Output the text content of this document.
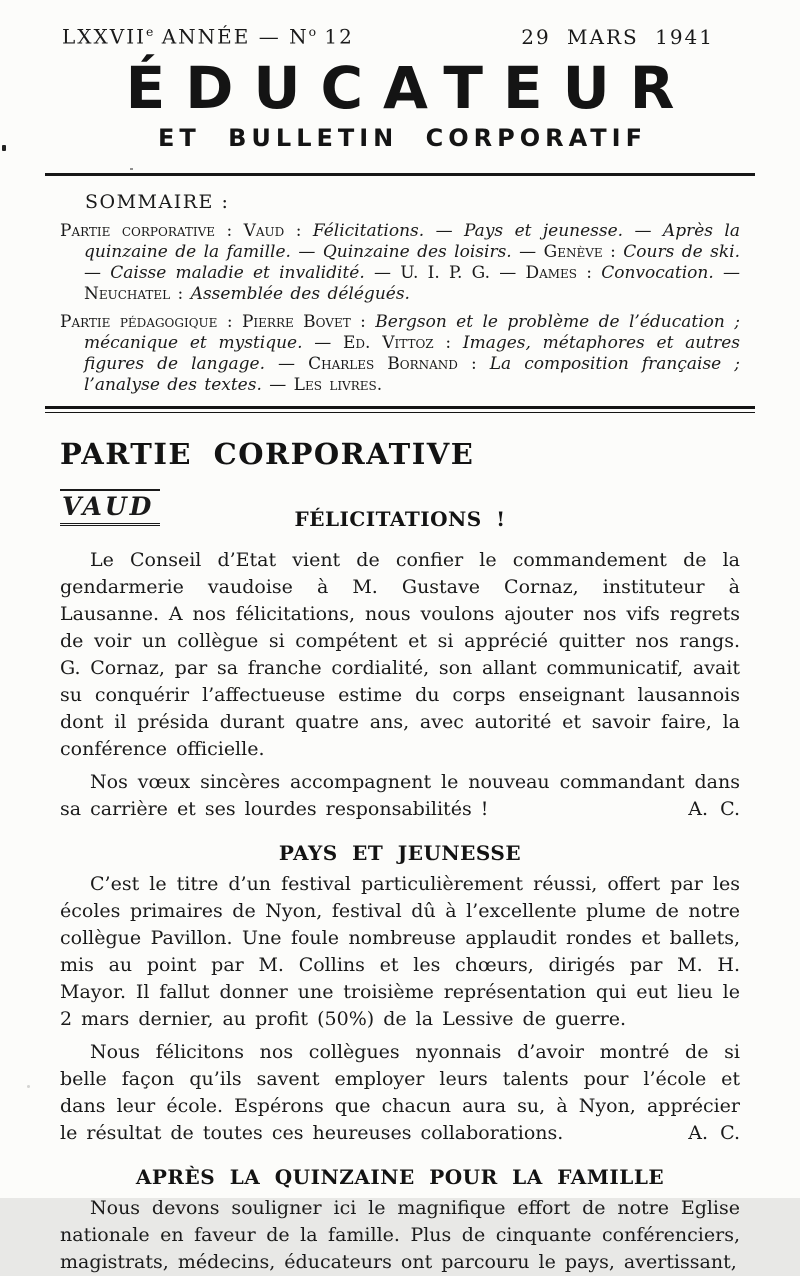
LXXVIIe ANNÉE — $N^o$ 12	29 MARS 1941
ÉDUCATEUR
ET BULLETIN CORPORATIF
SOMMAIRE :

Partie corporative : Vaud : Félicitations. — Pays et jeunesse. — Après la quinzaine de la famille. — Quinzaine des loisirs. — Genève : Cours de ski. — Caisse maladie et invalidité. — U. I. P. G. — Dames : Convocation. — Neuchatel : Assemblée des délégués.

Partie pédagogique : Pierre Bovet : Bergson et le problème de l’éducation ; mécanique et mystique. — Ed. Vittoz : Images, métaphores et autres figures de langage. — Charles Bornand : La composition française ; l’analyse des textes. — Les livres.

PARTIE CORPORATIVE
VAUD	FÉLICITATIONS !

Le Conseil d’Etat vient de confier le commandement de la gendarmerie vaudoise à M. Gustave Cornaz, instituteur à Lausanne. A nos félicitations, nous voulons ajouter nos vifs regrets de voir un collègue si compétent et si apprécié quitter nos rangs. G. Cornaz, par sa franche cordialité, son allant communicatif, avait su conquérir l’affectueuse estime du corps enseignant lausannois dont il présida durant quatre ans, avec autorité et savoir faire, la conférence officielle.

Nos vœux sincères accompagnent le nouveau commandant dans sa carrière et ses lourdes responsabilités !	A. C.

PAYS ET JEUNESSE

C’est le titre d’un festival particulièrement réussi, offert par les écoles primaires de Nyon, festival dû à l’excellente plume de notre collègue Pavillon. Une foule nombreuse applaudit rondes et ballets, mis au point par M. Collins et les chœurs, dirigés par M. H. Mayor. Il fallut donner une troisième représentation qui eut lieu le 2 mars dernier, au profit (50%) de la Lessive de guerre.

Nous félicitons nos collègues nyonnais d’avoir montré de si belle façon qu’ils savent employer leurs talents pour l’école et dans leur école. Espérons que chacun aura su, à Nyon, apprécier le résultat de toutes ces heureuses collaborations.	A. C.

APRÈS LA QUINZAINE POUR LA FAMILLE

Nous devons souligner ici le magnifique effort de notre Eglise nationale en faveur de la famille. Plus de cinquante conférenciers, magistrats, médecins, éducateurs ont parcouru le pays, avertissant,
